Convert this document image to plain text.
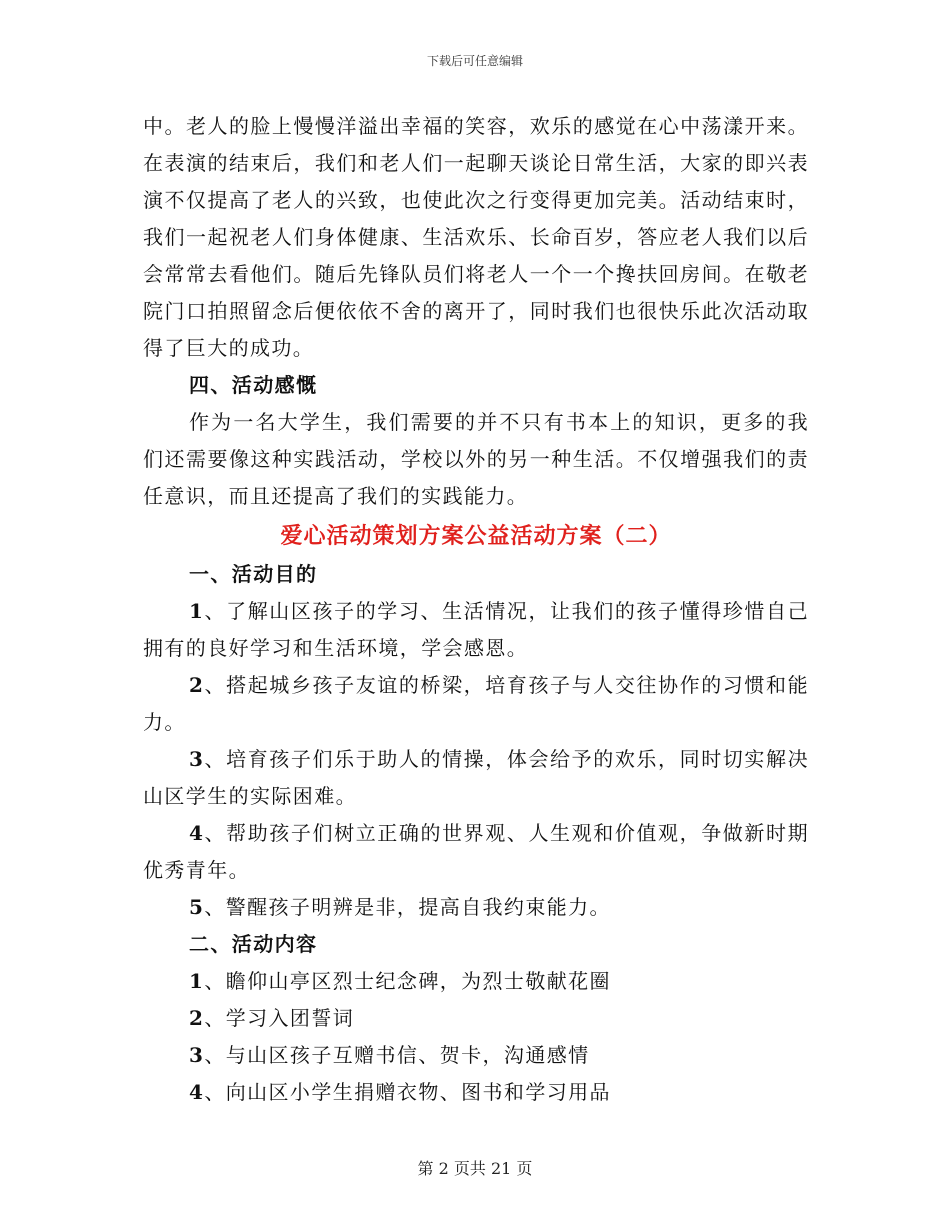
下载后可任意编辑

中。老人的脸上慢慢洋溢出幸福的笑容，欢乐的感觉在心中荡漾开来。在表演的结束后，我们和老人们一起聊天谈论日常生活，大家的即兴表演不仅提高了老人的兴致，也使此次之行变得更加完美。活动结束时，我们一起祝老人们身体健康、生活欢乐、长命百岁，答应老人我们以后会常常去看他们。随后先锋队员们将老人一个一个搀扶回房间。在敬老院门口拍照留念后便依依不舍的离开了，同时我们也很快乐此次活动取得了巨大的成功。

四、活动感慨

作为一名大学生，我们需要的并不只有书本上的知识，更多的我们还需要像这种实践活动，学校以外的另一种生活。不仅增强我们的责任意识，而且还提高了我们的实践能力。

爱心活动策划方案公益活动方案（二）

一、活动目的

1、了解山区孩子的学习、生活情况，让我们的孩子懂得珍惜自己拥有的良好学习和生活环境，学会感恩。

2、搭起城乡孩子友谊的桥梁，培育孩子与人交往协作的习惯和能力。

3、培育孩子们乐于助人的情操，体会给予的欢乐，同时切实解决山区学生的实际困难。

4、帮助孩子们树立正确的世界观、人生观和价值观，争做新时期优秀青年。

5、警醒孩子明辨是非，提高自我约束能力。

二、活动内容

1、瞻仰山亭区烈士纪念碑，为烈士敬献花圈

2、学习入团誓词

3、与山区孩子互赠书信、贺卡，沟通感情

4、向山区小学生捐赠衣物、图书和学习用品

第 2 页共 21 页
